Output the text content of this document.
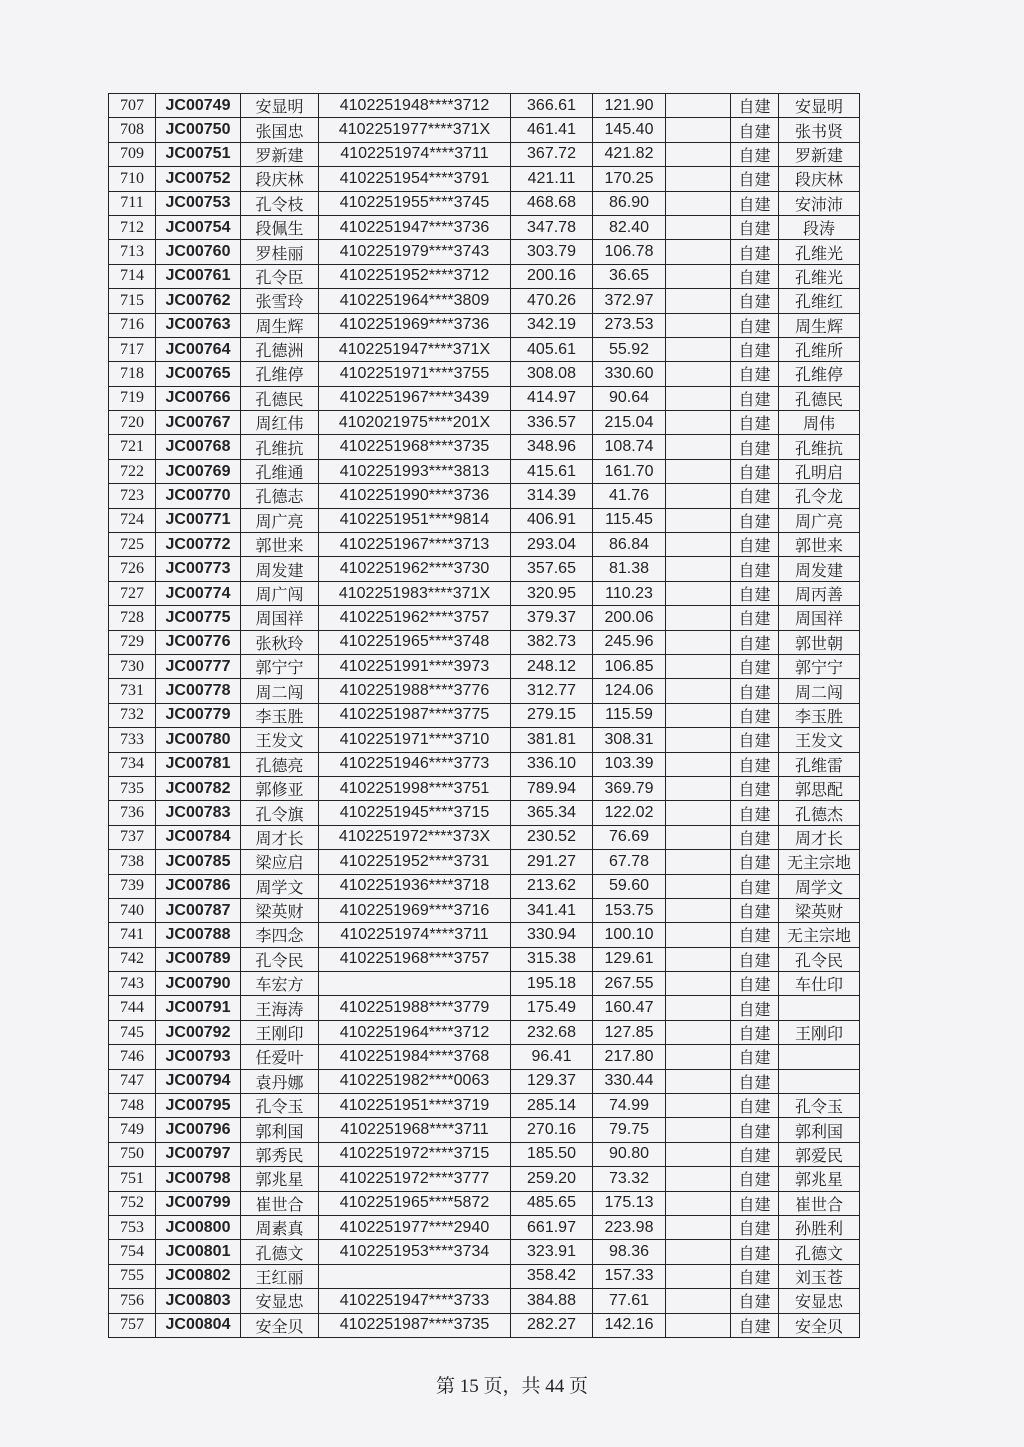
707	JC00749	安显明	4102251948****3712	366.61	121.90		自建	安显明
708	JC00750	张国忠	4102251977****371X	461.41	145.40		自建	张书贤
709	JC00751	罗新建	4102251974****3711	367.72	421.82		自建	罗新建
710	JC00752	段庆林	4102251954****3791	421.11	170.25		自建	段庆林
711	JC00753	孔令枝	4102251955****3745	468.68	86.90		自建	安沛沛
712	JC00754	段佩生	4102251947****3736	347.78	82.40		自建	段涛
713	JC00760	罗桂丽	4102251979****3743	303.79	106.78		自建	孔维光
714	JC00761	孔令臣	4102251952****3712	200.16	36.65		自建	孔维光
715	JC00762	张雪玲	4102251964****3809	470.26	372.97		自建	孔维红
716	JC00763	周生辉	4102251969****3736	342.19	273.53		自建	周生辉
717	JC00764	孔德洲	4102251947****371X	405.61	55.92		自建	孔维所
718	JC00765	孔维停	4102251971****3755	308.08	330.60		自建	孔维停
719	JC00766	孔德民	4102251967****3439	414.97	90.64		自建	孔德民
720	JC00767	周红伟	4102021975****201X	336.57	215.04		自建	周伟
721	JC00768	孔维抗	4102251968****3735	348.96	108.74		自建	孔维抗
722	JC00769	孔维通	4102251993****3813	415.61	161.70		自建	孔明启
723	JC00770	孔德志	4102251990****3736	314.39	41.76		自建	孔令龙
724	JC00771	周广亮	4102251951****9814	406.91	115.45		自建	周广亮
725	JC00772	郭世来	4102251967****3713	293.04	86.84		自建	郭世来
726	JC00773	周发建	4102251962****3730	357.65	81.38		自建	周发建
727	JC00774	周广闯	4102251983****371X	320.95	110.23		自建	周丙善
728	JC00775	周国祥	4102251962****3757	379.37	200.06		自建	周国祥
729	JC00776	张秋玲	4102251965****3748	382.73	245.96		自建	郭世朝
730	JC00777	郭宁宁	4102251991****3973	248.12	106.85		自建	郭宁宁
731	JC00778	周二闯	4102251988****3776	312.77	124.06		自建	周二闯
732	JC00779	李玉胜	4102251987****3775	279.15	115.59		自建	李玉胜
733	JC00780	王发文	4102251971****3710	381.81	308.31		自建	王发文
734	JC00781	孔德亮	4102251946****3773	336.10	103.39		自建	孔维雷
735	JC00782	郭修亚	4102251998****3751	789.94	369.79		自建	郭思配
736	JC00783	孔令旗	4102251945****3715	365.34	122.02		自建	孔德杰
737	JC00784	周才长	4102251972****373X	230.52	76.69		自建	周才长
738	JC00785	梁应启	4102251952****3731	291.27	67.78		自建	无主宗地
739	JC00786	周学文	4102251936****3718	213.62	59.60		自建	周学文
740	JC00787	梁英财	4102251969****3716	341.41	153.75		自建	梁英财
741	JC00788	李四念	4102251974****3711	330.94	100.10		自建	无主宗地
742	JC00789	孔令民	4102251968****3757	315.38	129.61		自建	孔令民
743	JC00790	车宏方		195.18	267.55		自建	车仕印
744	JC00791	王海涛	4102251988****3779	175.49	160.47		自建	
745	JC00792	王刚印	4102251964****3712	232.68	127.85		自建	王刚印
746	JC00793	任爱叶	4102251984****3768	96.41	217.80		自建	
747	JC00794	袁丹娜	4102251982****0063	129.37	330.44		自建	
748	JC00795	孔令玉	4102251951****3719	285.14	74.99		自建	孔令玉
749	JC00796	郭利国	4102251968****3711	270.16	79.75		自建	郭利国
750	JC00797	郭秀民	4102251972****3715	185.50	90.80		自建	郭爱民
751	JC00798	郭兆星	4102251972****3777	259.20	73.32		自建	郭兆星
752	JC00799	崔世合	4102251965****5872	485.65	175.13		自建	崔世合
753	JC00800	周素真	4102251977****2940	661.97	223.98		自建	孙胜利
754	JC00801	孔德文	4102251953****3734	323.91	98.36		自建	孔德文
755	JC00802	王红丽		358.42	157.33		自建	刘玉苍
756	JC00803	安显忠	4102251947****3733	384.88	77.61		自建	安显忠
757	JC00804	安全贝	4102251987****3735	282.27	142.16		自建	安全贝
第 15 页，共 44 页
